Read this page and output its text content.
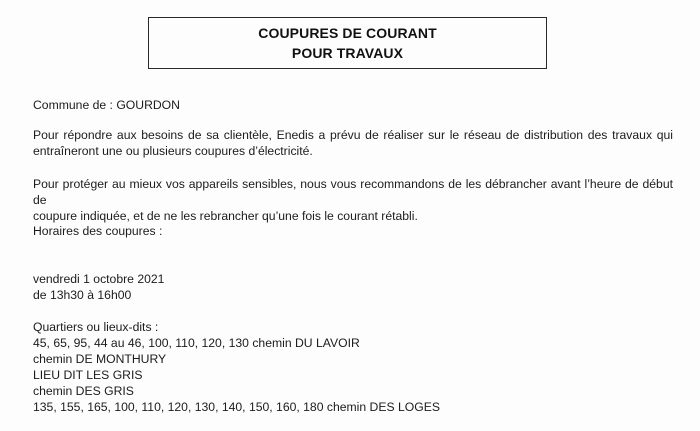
COUPURES DE COURANT
POUR TRAVAUX
Commune de : GOURDON
Pour répondre aux besoins de sa clientèle, Enedis a prévu de réaliser sur le réseau de distribution des travaux qui
entraîneront une ou plusieurs coupures d’électricité.
Pour protéger au mieux vos appareils sensibles, nous vous recommandons de les débrancher avant l’heure de début de
coupure indiquée, et de ne les rebrancher qu’une fois le courant rétabli.
Horaires des coupures :
vendredi 1 octobre 2021
de 13h30 à 16h00
Quartiers ou lieux-dits :
45, 65, 95, 44 au 46, 100, 110, 120, 130 chemin DU LAVOIR
chemin DE MONTHURY
LIEU DIT LES GRIS
chemin DES GRIS
135, 155, 165, 100, 110, 120, 130, 140, 150, 160, 180 chemin DES LOGES
